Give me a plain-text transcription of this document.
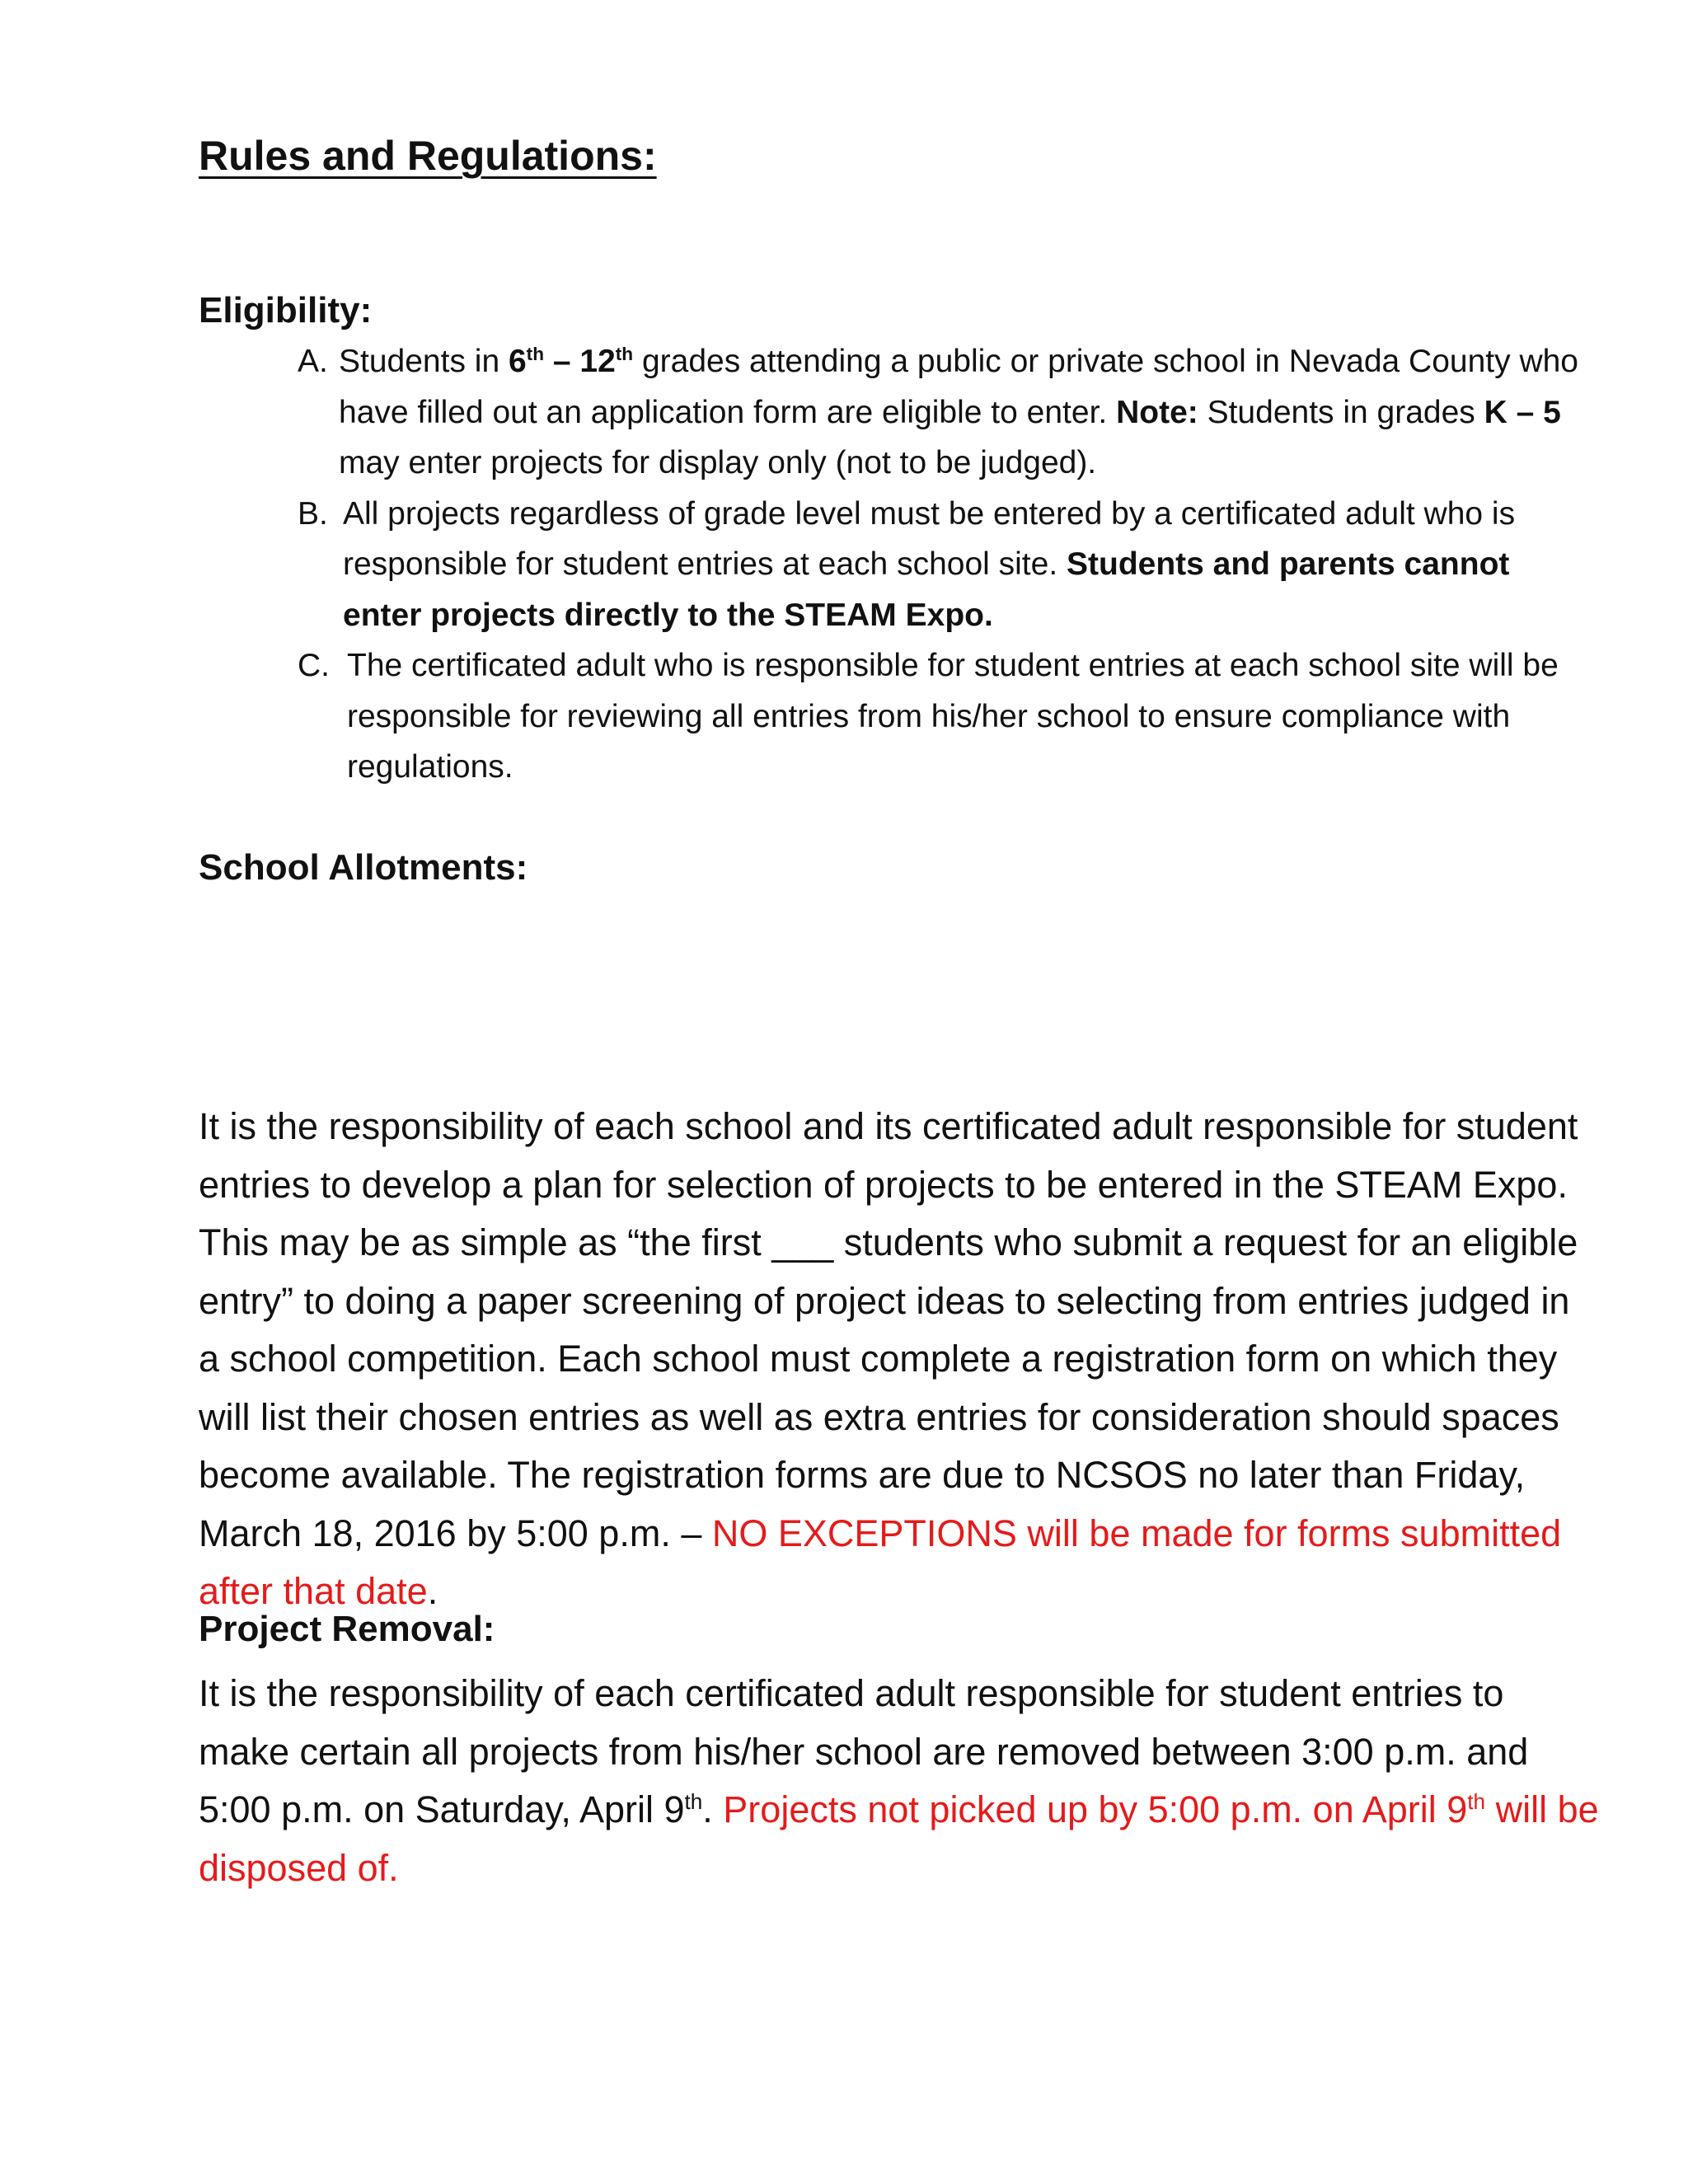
Rules and Regulations:

Eligibility:

A. Students in 6th – 12th grades attending a public or private school in Nevada County who have filled out an application form are eligible to enter. Note: Students in grades K – 5 may enter projects for display only (not to be judged).
B. All projects regardless of grade level must be entered by a certificated adult who is responsible for student entries at each school site. Students and parents cannot enter projects directly to the STEAM Expo.
C. The certificated adult who is responsible for student entries at each school site will be responsible for reviewing all entries from his/her school to ensure compliance with regulations.

School Allotments:

It is the responsibility of each school and its certificated adult responsible for student entries to develop a plan for selection of projects to be entered in the STEAM Expo. This may be as simple as “the first ___ students who submit a request for an eligible entry” to doing a paper screening of project ideas to selecting from entries judged in a school competition. Each school must complete a registration form on which they will list their chosen entries as well as extra entries for consideration should spaces become available. The registration forms are due to NCSOS no later than Friday, March 18, 2016 by 5:00 p.m. – NO EXCEPTIONS will be made for forms submitted after that date.

Project Removal:

It is the responsibility of each certificated adult responsible for student entries to make certain all projects from his/her school are removed between 3:00 p.m. and 5:00 p.m. on Saturday, April 9th. Projects not picked up by 5:00 p.m. on April 9th will be disposed of.
